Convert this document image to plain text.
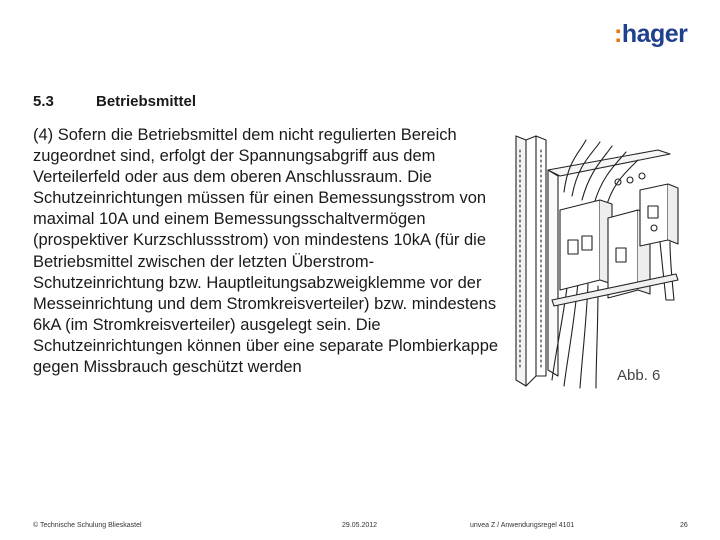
:hager
5.3	Betriebsmittel
(4) Sofern die Betriebsmittel dem nicht regulierten Bereich zugeordnet sind, erfolgt der Spannungsabgriff aus dem Verteilerfeld oder aus dem oberen Anschlussraum. Die Schutzeinrichtungen müssen für einen Bemessungsstrom von maximal 10A und einem Bemessungsschaltvermögen (prospektiver Kurzschlussstrom) von mindestens 10kA (für die Betriebsmittel zwischen der letzten Überstrom-Schutzeinrichtung bzw. Hauptleitungsabzweigklemme vor der Messeinrichtung und dem Stromkreisverteiler) bzw. mindestens 6kA (im Stromkreisverteiler) ausgelegt sein. Die Schutzeinrichtungen können über eine separate Plombierkappe gegen Missbrauch geschützt werden	Abb. 6
© Technische Schulung Blieskastel	29.05.2012	unvea Z / Anwendungsregel 4101	26
